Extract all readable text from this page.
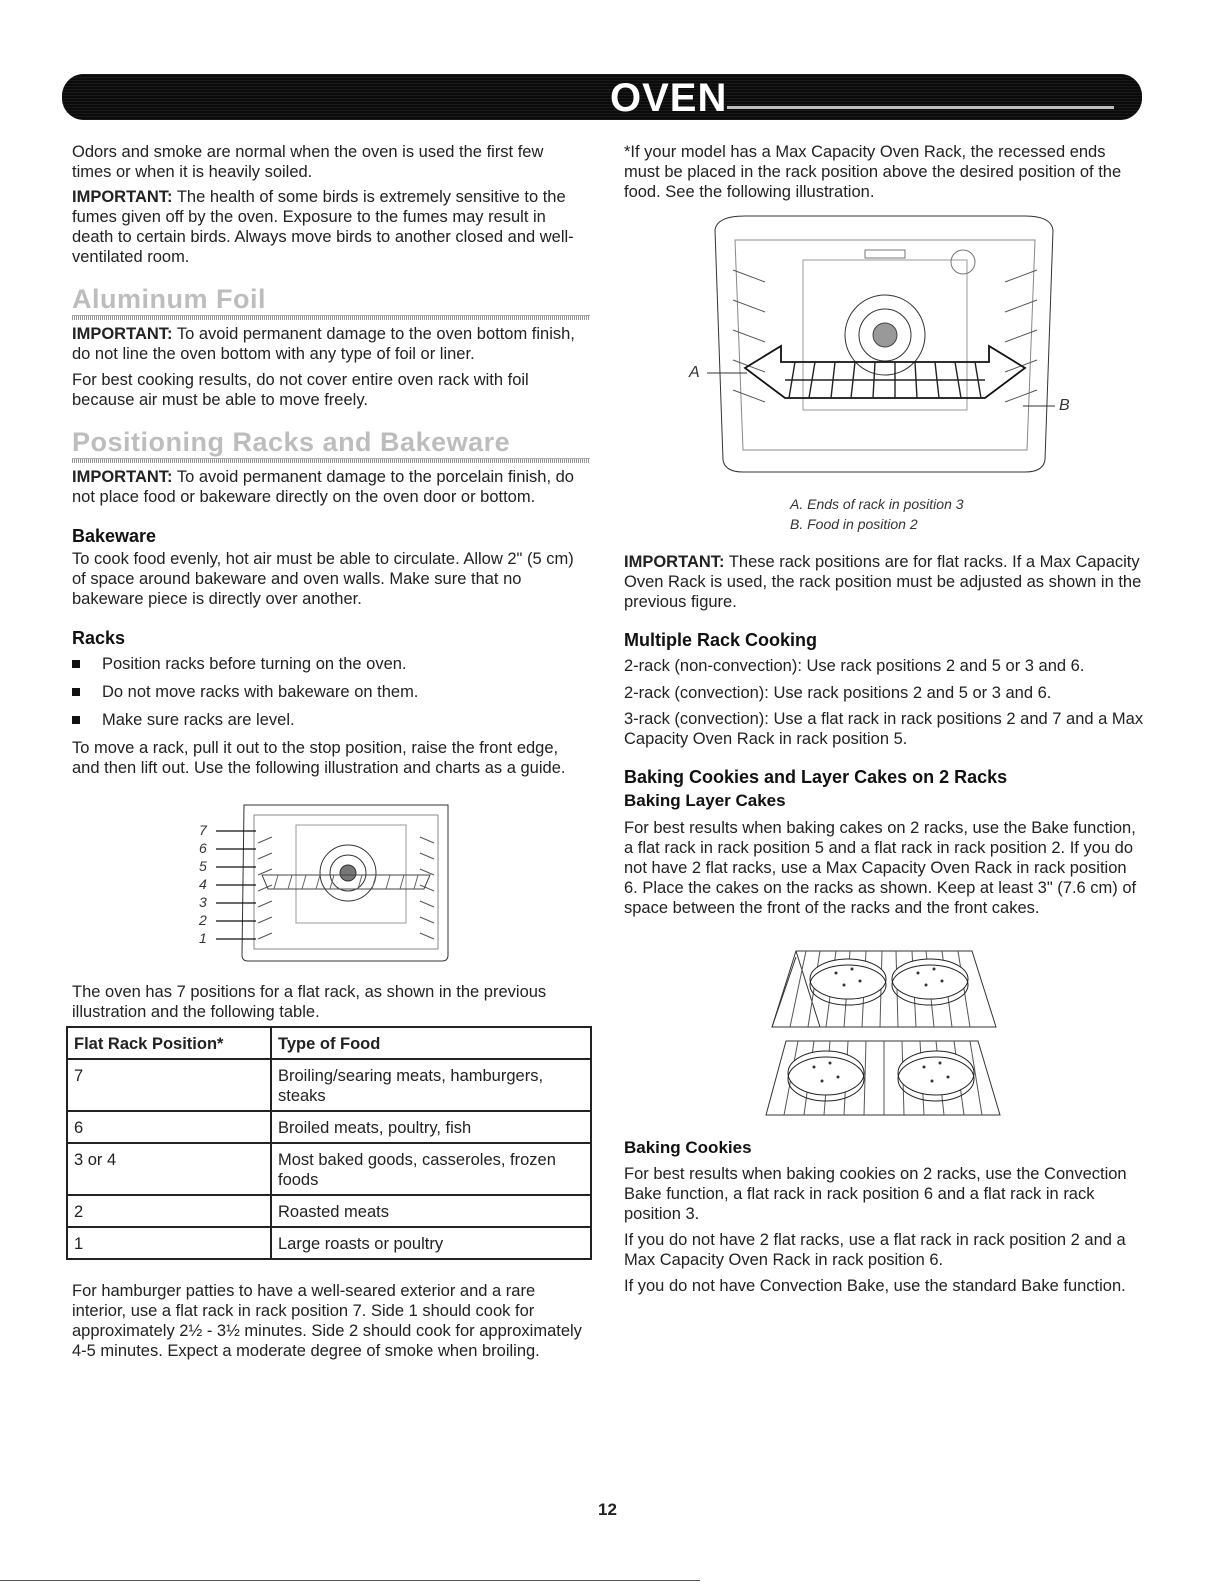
OVEN

Odors and smoke are normal when the oven is used the first few times or when it is heavily soiled.

IMPORTANT: The health of some birds is extremely sensitive to the fumes given off by the oven. Exposure to the fumes may result in death to certain birds. Always move birds to another closed and well-ventilated room.

Aluminum Foil

IMPORTANT: To avoid permanent damage to the oven bottom finish, do not line the oven bottom with any type of foil or liner.

For best cooking results, do not cover entire oven rack with foil because air must be able to move freely.

Positioning Racks and Bakeware

IMPORTANT: To avoid permanent damage to the porcelain finish, do not place food or bakeware directly on the oven door or bottom.

Bakeware

To cook food evenly, hot air must be able to circulate. Allow 2" (5 cm) of space around bakeware and oven walls. Make sure that no bakeware piece is directly over another.

Racks
Position racks before turning on the oven.
Do not move racks with bakeware on them.
Make sure racks are level.

To move a rack, pull it out to the stop position, raise the front edge, and then lift out. Use the following illustration and charts as a guide.

7
6
5
4
3
2
1

The oven has 7 positions for a flat rack, as shown in the previous illustration and the following table.

Flat Rack Position*	Type of Food
7	Broiling/searing meats, hamburgers, steaks
6	Broiled meats, poultry, fish
3 or 4	Most baked goods, casseroles, frozen foods
2	Roasted meats
1	Large roasts or poultry

For hamburger patties to have a well-seared exterior and a rare interior, use a flat rack in rack position 7. Side 1 should cook for approximately 2½ - 3½ minutes. Side 2 should cook for approximately 4-5 minutes. Expect a moderate degree of smoke when broiling.

*If your model has a Max Capacity Oven Rack, the recessed ends must be placed in the rack position above the desired position of the food. See the following illustration.

A
B
A. Ends of rack in position 3
B. Food in position 2

IMPORTANT: These rack positions are for flat racks. If a Max Capacity Oven Rack is used, the rack position must be adjusted as shown in the previous figure.

Multiple Rack Cooking

2-rack (non-convection): Use rack positions 2 and 5 or 3 and 6.

2-rack (convection): Use rack positions 2 and 5 or 3 and 6.

3-rack (convection): Use a flat rack in rack positions 2 and 7 and a Max Capacity Oven Rack in rack position 5.

Baking Cookies and Layer Cakes on 2 Racks
Baking Layer Cakes

For best results when baking cakes on 2 racks, use the Bake function, a flat rack in rack position 5 and a flat rack in rack position 2. If you do not have 2 flat racks, use a Max Capacity Oven Rack in rack position 6. Place the cakes on the racks as shown. Keep at least 3" (7.6 cm) of space between the front of the racks and the front cakes.

Baking Cookies

For best results when baking cookies on 2 racks, use the Convection Bake function, a flat rack in rack position 6 and a flat rack in rack position 3.

If you do not have 2 flat racks, use a flat rack in rack position 2 and a Max Capacity Oven Rack in rack position 6.

If you do not have Convection Bake, use the standard Bake function.

12
